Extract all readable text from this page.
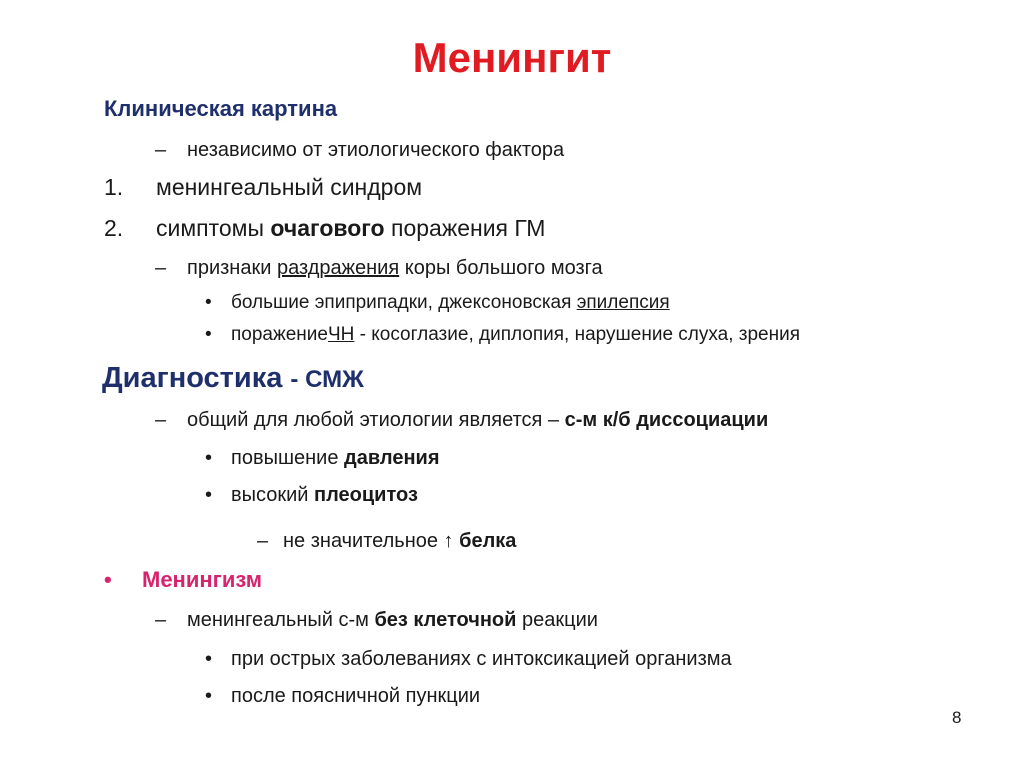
Менингит
Клиническая картина
– независимо от этиологического фактора
1. менингеальный синдром
2. симптомы очагового поражения ГМ
– признаки раздражения коры большого мозга
• большие эпиприпадки, джексоновская эпилепсия
• поражениеЧН - косоглазие, диплопия, нарушение слуха, зрения
Диагностика - СМЖ
– общий для любой этиологии является – с-м к/б диссоциации
• повышение давления
• высокий плеоцитоз
– не значительное ↑ белка
• Менингизм
– менингеальный с-м без клеточной реакции
• при острых заболеваниях с интоксикацией организма
• после поясничной пункции
8
